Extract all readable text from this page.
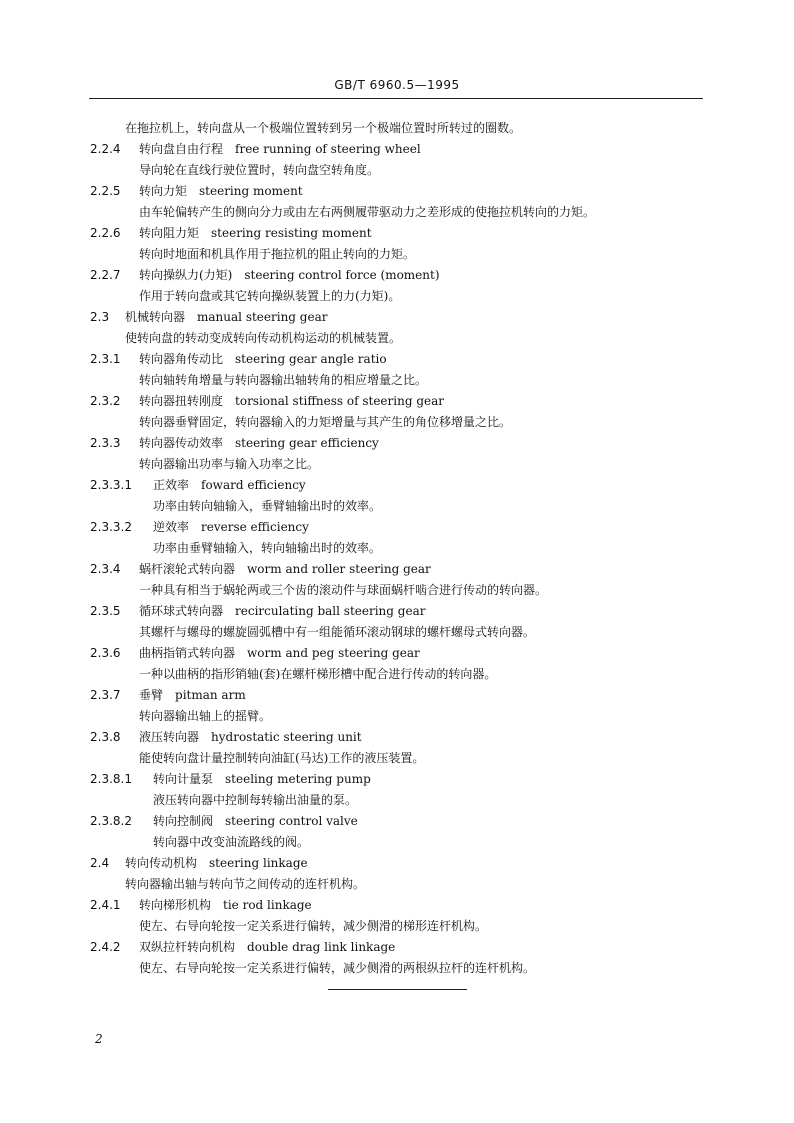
GB/T 6960.5—1995
在拖拉机上，转向盘从一个极端位置转到另一个极端位置时所转过的圈数。
2.2.4 转向盘自由行程 free running of steering wheel
导向轮在直线行驶位置时，转向盘空转角度。
2.2.5 转向力矩 steering moment
由车轮偏转产生的侧向分力或由左右两侧履带驱动力之差形成的使拖拉机转向的力矩。
2.2.6 转向阻力矩 steering resisting moment
转向时地面和机具作用于拖拉机的阻止转向的力矩。
2.2.7 转向操纵力(力矩) steering control force (moment)
作用于转向盘或其它转向操纵装置上的力(力矩)。
2.3 机械转向器 manual steering gear
使转向盘的转动变成转向传动机构运动的机械装置。
2.3.1 转向器角传动比 steering gear angle ratio
转向轴转角增量与转向器输出轴转角的相应增量之比。
2.3.2 转向器扭转刚度 torsional stiffness of steering gear
转向器垂臂固定，转向器输入的力矩增量与其产生的角位移增量之比。
2.3.3 转向器传动效率 steering gear efficiency
转向器输出功率与输入功率之比。
2.3.3.1 正效率 foward efficiency
功率由转向轴输入，垂臂轴输出时的效率。
2.3.3.2 逆效率 reverse efficiency
功率由垂臂轴输入，转向轴输出时的效率。
2.3.4 蜗杆滚轮式转向器 worm and roller steering gear
一种具有相当于蜗轮两或三个齿的滚动件与球面蜗杆啮合进行传动的转向器。
2.3.5 循环球式转向器 recirculating ball steering gear
其螺杆与螺母的螺旋圆弧槽中有一组能循环滚动钢球的螺杆螺母式转向器。
2.3.6 曲柄指销式转向器 worm and peg steering gear
一种以曲柄的指形销轴(套)在螺杆梯形槽中配合进行传动的转向器。
2.3.7 垂臂 pitman arm
转向器输出轴上的摇臂。
2.3.8 液压转向器 hydrostatic steering unit
能使转向盘计量控制转向油缸(马达)工作的液压装置。
2.3.8.1 转向计量泵 steeling metering pump
液压转向器中控制每转输出油量的泵。
2.3.8.2 转向控制阀 steering control valve
转向器中改变油流路线的阀。
2.4 转向传动机构 steering linkage
转向器输出轴与转向节之间传动的连杆机构。
2.4.1 转向梯形机构 tie rod linkage
使左、右导向轮按一定关系进行偏转，减少侧滑的梯形连杆机构。
2.4.2 双纵拉杆转向机构 double drag link linkage
使左、右导向轮按一定关系进行偏转，减少侧滑的两根纵拉杆的连杆机构。
2
